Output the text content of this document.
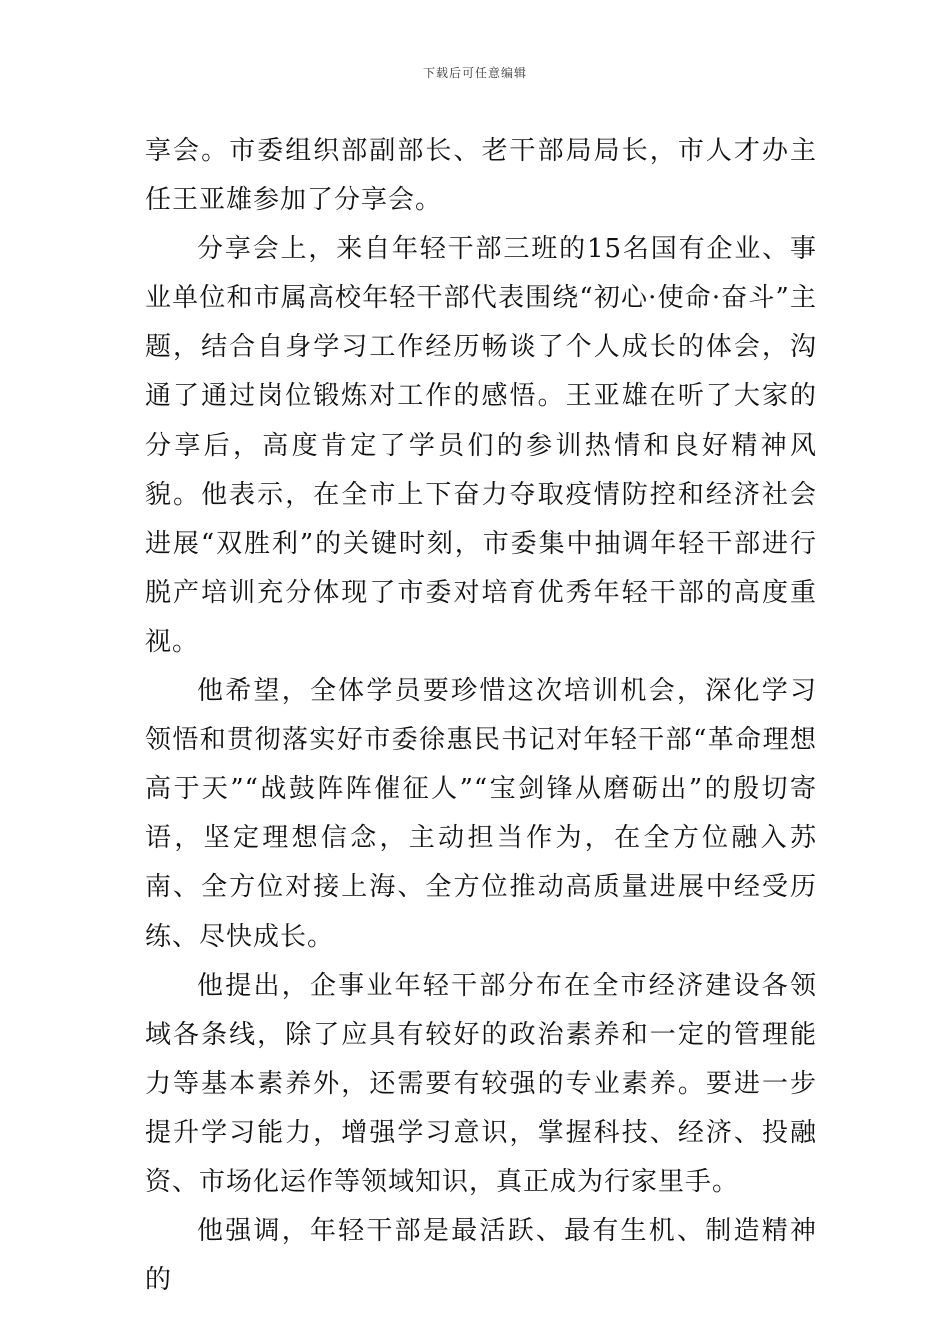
下载后可任意编辑

享会。市委组织部副部长、老干部局局长，市人才办主任王亚雄参加了分享会。

分享会上，来自年轻干部三班的15名国有企业、事业单位和市属高校年轻干部代表围绕“初心·使命·奋斗”主题，结合自身学习工作经历畅谈了个人成长的体会，沟通了通过岗位锻炼对工作的感悟。王亚雄在听了大家的分享后，高度肯定了学员们的参训热情和良好精神风貌。他表示，在全市上下奋力夺取疫情防控和经济社会进展“双胜利”的关键时刻，市委集中抽调年轻干部进行脱产培训充分体现了市委对培育优秀年轻干部的高度重视。

他希望，全体学员要珍惜这次培训机会，深化学习领悟和贯彻落实好市委徐惠民书记对年轻干部“革命理想高于天”“战鼓阵阵催征人”“宝剑锋从磨砺出”的殷切寄语，坚定理想信念，主动担当作为，在全方位融入苏南、全方位对接上海、全方位推动高质量进展中经受历练、尽快成长。

他提出，企事业年轻干部分布在全市经济建设各领域各条线，除了应具有较好的政治素养和一定的管理能力等基本素养外，还需要有较强的专业素养。要进一步提升学习能力，增强学习意识，掌握科技、经济、投融资、市场化运作等领域知识，真正成为行家里手。

他强调，年轻干部是最活跃、最有生机、制造精神的
